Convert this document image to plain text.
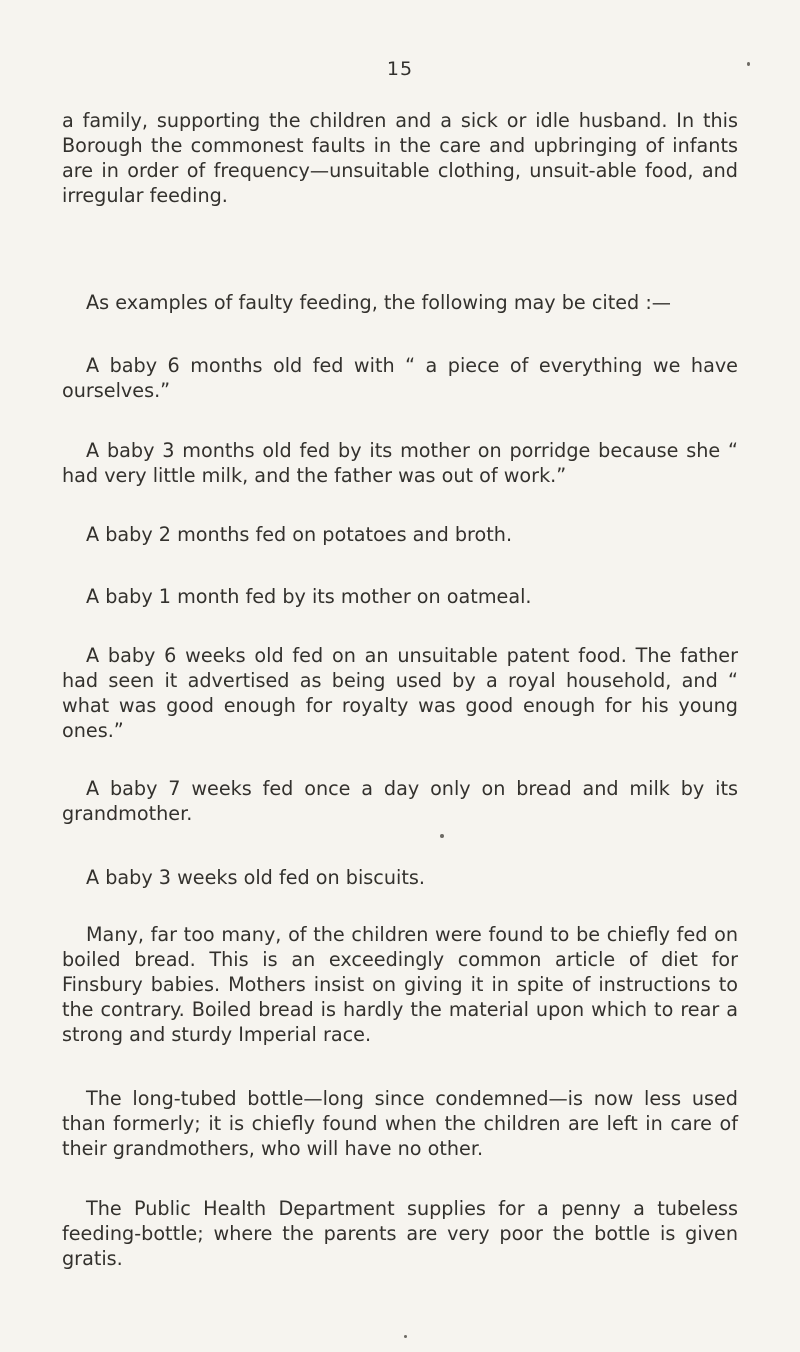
15

a family, supporting the children and a sick or idle husband. In this Borough the commonest faults in the care and upbringing of infants are in order of frequency—unsuitable clothing, unsuit-able food, and irregular feeding.

As examples of faulty feeding, the following may be cited :—

A baby 6 months old fed with “ a piece of everything we have ourselves.”

A baby 3 months old fed by its mother on porridge because she “ had very little milk, and the father was out of work.”

A baby 2 months fed on potatoes and broth.

A baby 1 month fed by its mother on oatmeal.

A baby 6 weeks old fed on an unsuitable patent food. The father had seen it advertised as being used by a royal household, and “ what was good enough for royalty was good enough for his young ones.”

A baby 7 weeks fed once a day only on bread and milk by its grandmother.

A baby 3 weeks old fed on biscuits.

Many, far too many, of the children were found to be chiefly fed on boiled bread. This is an exceedingly common article of diet for Finsbury babies. Mothers insist on giving it in spite of instructions to the contrary. Boiled bread is hardly the material upon which to rear a strong and sturdy Imperial race.

The long-tubed bottle—long since condemned—is now less used than formerly; it is chiefly found when the children are left in care of their grandmothers, who will have no other.

The Public Health Department supplies for a penny a tubeless feeding-bottle; where the parents are very poor the bottle is given gratis.
